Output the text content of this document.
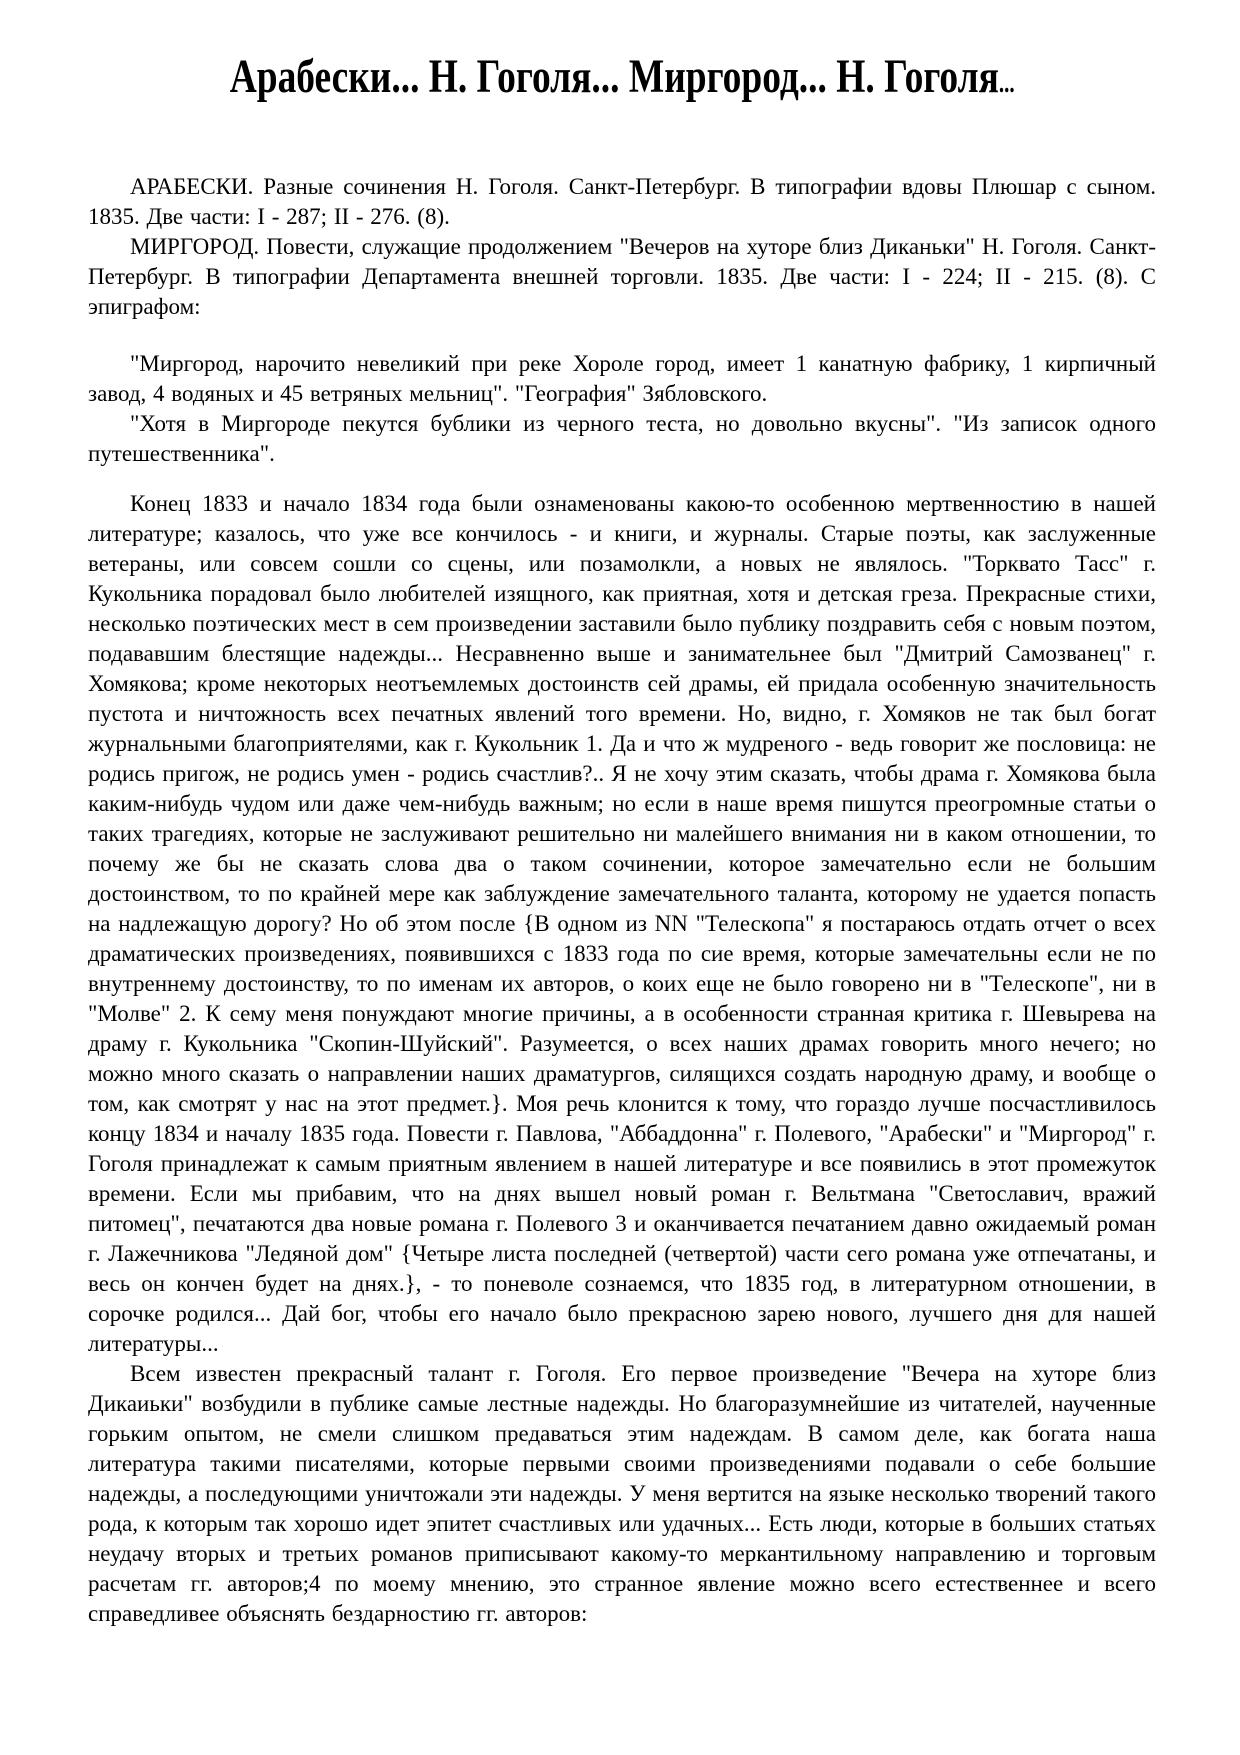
Арабески... Н. Гоголя... Миргород... Н. Гоголя...

АРАБЕСКИ. Разные сочинения Н. Гоголя. Санкт-Петербург. В типографии вдовы Плюшар с сыном. 1835. Две части: I - 287; II - 276. (8).

МИРГОРОД. Повести, служащие продолжением "Вечеров на хуторе близ Диканьки" Н. Гоголя. Санкт-Петербург. В типографии Департамента внешней торговли. 1835. Две части: I - 224; II - 215. (8). С эпиграфом:

"Миргород, нарочито невеликий при реке Хороле город, имеет 1 канатную фабрику, 1 кирпичный завод, 4 водяных и 45 ветряных мельниц". "География" Зябловского.

"Хотя в Миргороде пекутся бублики из черного теста, но довольно вкусны". "Из записок одного путешественника".

Конец 1833 и начало 1834 года были ознаменованы какою-то особенною мертвенностию в нашей литературе; казалось, что уже все кончилось - и книги, и журналы. Старые поэты, как заслуженные ветераны, или совсем сошли со сцены, или позамолкли, а новых не являлось. "Торквато Тасс" г. Кукольника порадовал было любителей изящного, как приятная, хотя и детская греза. Прекрасные стихи, несколько поэтических мест в сем произведении заставили было публику поздравить себя с новым поэтом, подававшим блестящие надежды... Несравненно выше и занимательнее был "Дмитрий Самозванец" г. Хомякова; кроме некоторых неотъемлемых достоинств сей драмы, ей придала особенную значительность пустота и ничтожность всех печатных явлений того времени. Но, видно, г. Хомяков не так был богат журнальными благоприятелями, как г. Кукольник 1. Да и что ж мудреного - ведь говорит же пословица: не родись пригож, не родись умен - родись счастлив?.. Я не хочу этим сказать, чтобы драма г. Хомякова была каким-нибудь чудом или даже чем-нибудь важным; но если в наше время пишутся преогромные статьи о таких трагедиях, которые не заслуживают решительно ни малейшего внимания ни в каком отношении, то почему же бы не сказать слова два о таком сочинении, которое замечательно если не большим достоинством, то по крайней мере как заблуждение замечательного таланта, которому не удается попасть на надлежащую дорогу? Но об этом после {В одном из NN "Телескопа" я постараюсь отдать отчет о всех драматических произведениях, появившихся с 1833 года по сие время, которые замечательны если не по внутреннему достоинству, то по именам их авторов, о коих еще не было говорено ни в "Телескопе", ни в "Молве" 2. К сему меня понуждают многие причины, а в особенности странная критика г. Шевырева на драму г. Кукольника "Скопин-Шуйский". Разумеется, о всех наших драмах говорить много нечего; но можно много сказать о направлении наших драматургов, силящихся создать народную драму, и вообще о том, как смотрят у нас на этот предмет.}. Моя речь клонится к тому, что гораздо лучше посчастливилось концу 1834 и началу 1835 года. Повести г. Павлова, "Аббаддонна" г. Полевого, "Арабески" и "Миргород" г. Гоголя принадлежат к самым приятным явлением в нашей литературе и все появились в этот промежуток времени. Если мы прибавим, что на днях вышел новый роман г. Вельтмана "Светославич, вражий питомец", печатаются два новые романа г. Полевого 3 и оканчивается печатанием давно ожидаемый роман г. Лажечникова "Ледяной дом" {Четыре листа последней (четвертой) части сего романа уже отпечатаны, и весь он кончен будет на днях.}, - то поневоле сознаемся, что 1835 год, в литературном отношении, в сорочке родился... Дай бог, чтобы его начало было прекрасною зарею нового, лучшего дня для нашей литературы...

Всем известен прекрасный талант г. Гоголя. Его первое произведение "Вечера на хуторе близ Дикаиьки" возбудили в публике самые лестные надежды. Но благоразумнейшие из читателей, наученные горьким опытом, не смели слишком предаваться этим надеждам. В самом деле, как богата наша литература такими писателями, которые первыми своими произведениями подавали о себе большие надежды, а последующими уничтожали эти надежды. У меня вертится на языке несколько творений такого рода, к которым так хорошо идет эпитет счастливых или удачных... Есть люди, которые в больших статьях неудачу вторых и третьих романов приписывают какому-то меркантильному направлению и торговым расчетам гг. авторов;4 по моему мнению, это странное явление можно всего естественнее и всего справедливее объяснять бездарностию гг. авторов:
